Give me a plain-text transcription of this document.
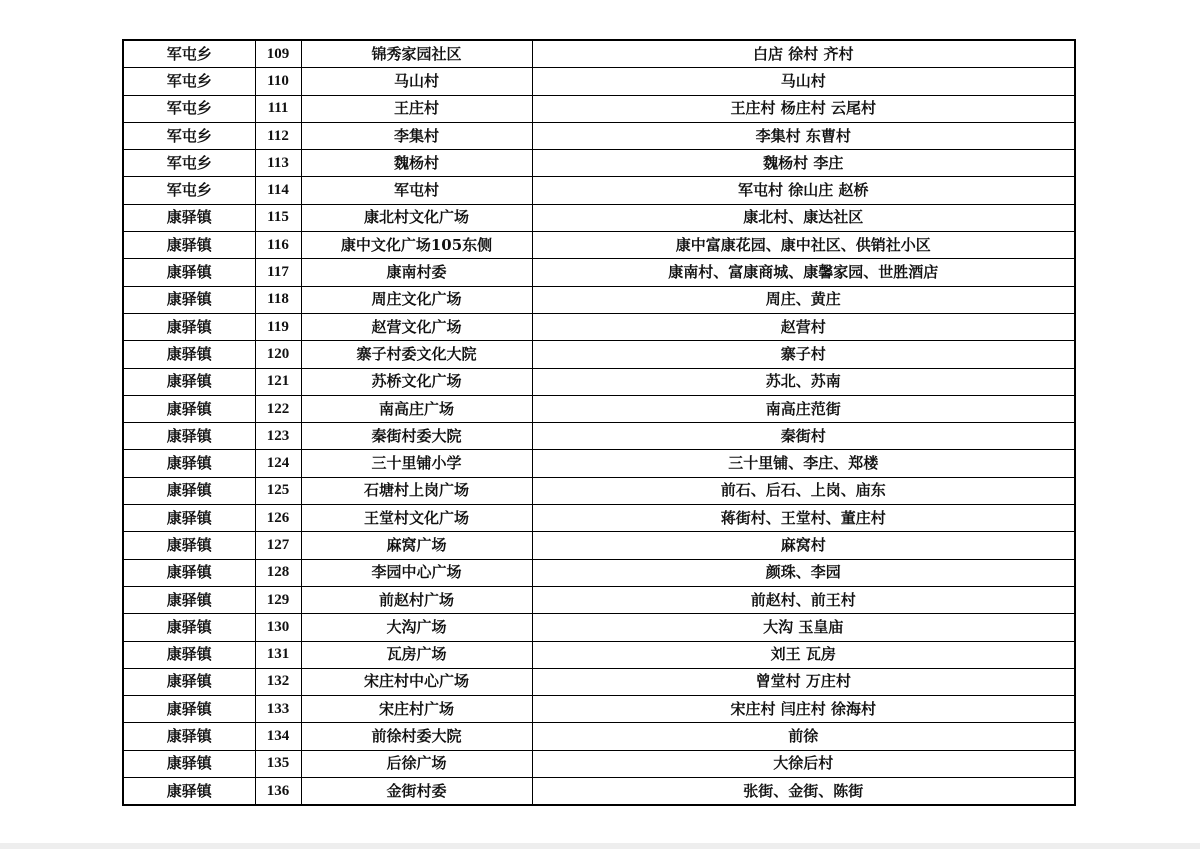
军屯乡	109	锦秀家园社区	白店 徐村 齐村
军屯乡	110	马山村	马山村
军屯乡	111	王庄村	王庄村 杨庄村 云尾村
军屯乡	112	李集村	李集村 东曹村
军屯乡	113	魏杨村	魏杨村 李庄
军屯乡	114	军屯村	军屯村 徐山庄 赵桥
康驿镇	115	康北村文化广场	康北村、康达社区
康驿镇	116	康中文化广场105东侧	康中富康花园、康中社区、供销社小区
康驿镇	117	康南村委	康南村、富康商城、康馨家园、世胜酒店
康驿镇	118	周庄文化广场	周庄、黄庄
康驿镇	119	赵营文化广场	赵营村
康驿镇	120	寨子村委文化大院	寨子村
康驿镇	121	苏桥文化广场	苏北、苏南
康驿镇	122	南高庄广场	南高庄范街
康驿镇	123	秦街村委大院	秦街村
康驿镇	124	三十里铺小学	三十里铺、李庄、郑楼
康驿镇	125	石塘村上岗广场	前石、后石、上岗、庙东
康驿镇	126	王堂村文化广场	蒋街村、王堂村、董庄村
康驿镇	127	麻窝广场	麻窝村
康驿镇	128	李园中心广场	颜珠、李园
康驿镇	129	前赵村广场	前赵村、前王村
康驿镇	130	大沟广场	大沟 玉皇庙
康驿镇	131	瓦房广场	刘王 瓦房
康驿镇	132	宋庄村中心广场	曾堂村 万庄村
康驿镇	133	宋庄村广场	宋庄村 闫庄村 徐海村
康驿镇	134	前徐村委大院	前徐
康驿镇	135	后徐广场	大徐后村
康驿镇	136	金街村委	张街、金街、陈街
